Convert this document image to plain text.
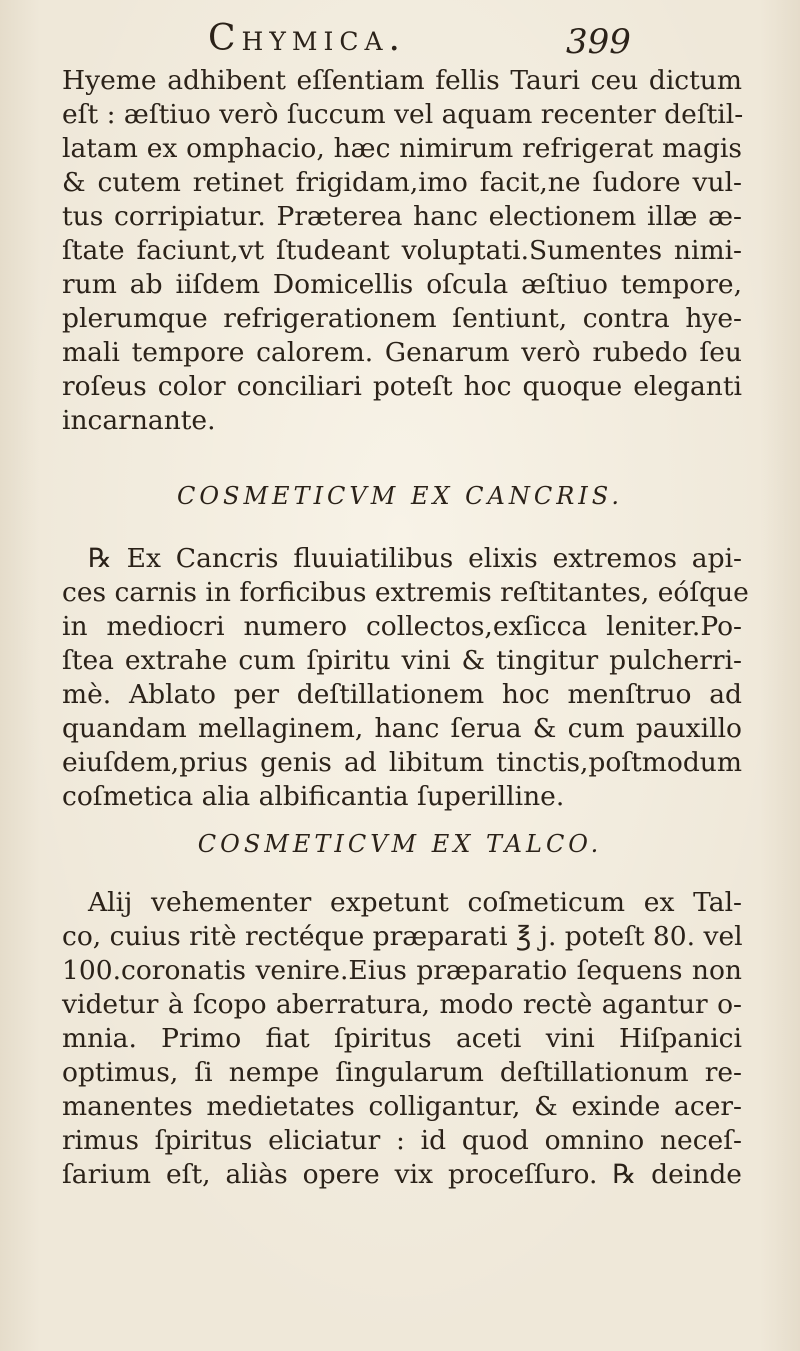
Chymica.	399
Hyeme adhibent eſſentiam fellis Tauri ceu dictum
eſt : æſtiuo verò ſuccum vel aquam recenter deſtil-
latam ex omphacio, hæc nimirum refrigerat magis
& cutem retinet frigidam,imo facit,ne ſudore vul-
tus corripiatur. Præterea hanc electionem illæ æ-
ſtate faciunt,vt ſtudeant voluptati.Sumentes nimi-
rum ab iiſdem Domicellis oſcula æſtiuo tempore,
plerumque refrigerationem ſentiunt, contra hye-
mali tempore calorem. Genarum verò rubedo ſeu
roſeus color conciliari poteſt hoc quoque eleganti
incarnante.
COSMETICVM EX CANCRIS.
℞ Ex Cancris fluuiatilibus elixis extremos api-
ces carnis in forficibus extremis reſtitantes, eóſque
in mediocri numero collectos,exſicca leniter.Po-
ſtea extrahe cum ſpiritu vini & tingitur pulcherri-
mè. Ablato per deſtillationem hoc menſtruo ad
quandam mellaginem, hanc ſerua & cum pauxillo
eiuſdem,prius genis ad libitum tinctis,poſtmodum
coſmetica alia albificantia ſuperilline.
COSMETICVM EX TALCO.
Alij vehementer expetunt coſmeticum ex Tal-
co, cuius ritè rectéque præparati ℥ j. poteſt 80. vel
100.coronatis venire.Eius præparatio ſequens non
videtur à ſcopo aberratura, modo rectè agantur o-
mnia. Primo fiat ſpiritus aceti vini Hiſpanici
optimus, ſi nempe ſingularum deſtillationum re-
manentes medietates colligantur, & exinde acer-
rimus ſpiritus eliciatur : id quod omnino neceſ-
ſarium eſt, aliàs opere vix proceſſuro. ℞ deinde
